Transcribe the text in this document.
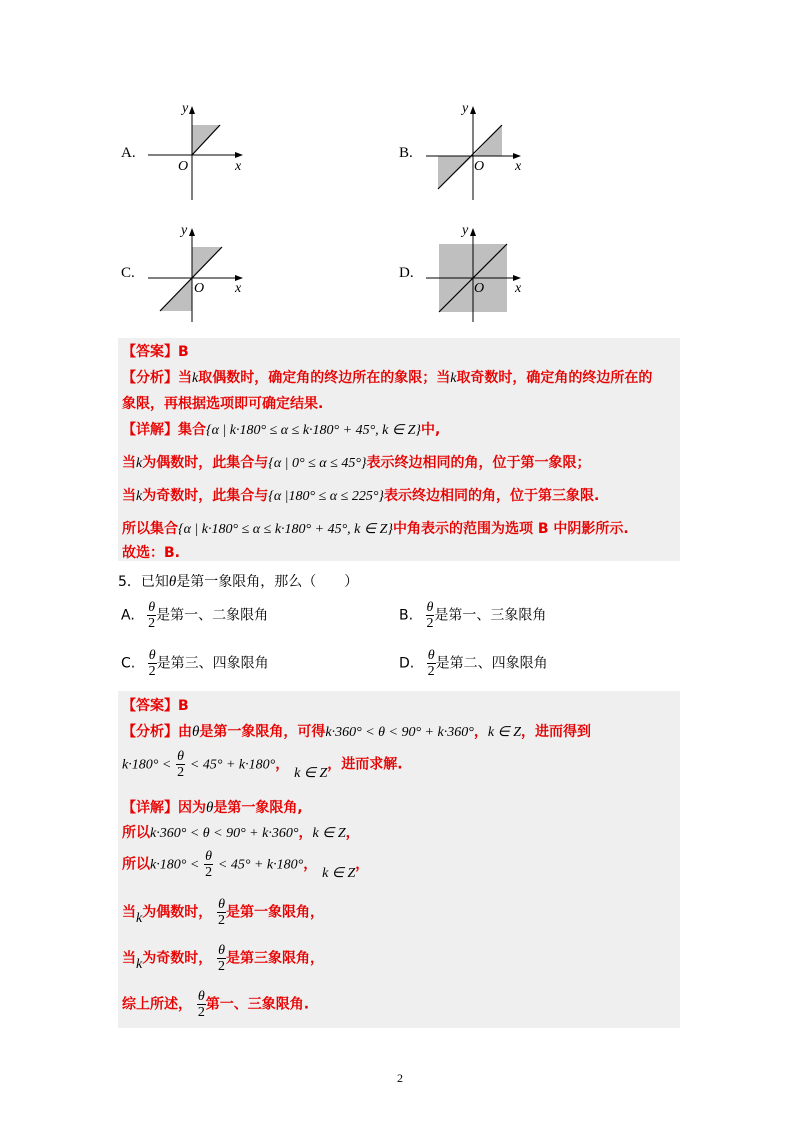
A.
y
x
O
B.
y
x
O
C.
y
x
O
D.
y
x
O
【答案】B
【分析】当k取偶数时，确定角的终边所在的象限；当k取奇数时，确定角的终边所在的
象限，再根据选项即可确定结果.
【详解】集合{α | k·180° ≤ α ≤ k·180° + 45°, k ∈ Z}中,
当k为偶数时，此集合与{α | 0° ≤ α ≤ 45°}表示终边相同的角，位于第一象限；
当k为奇数时，此集合与{α |180° ≤ α ≤ 225°}表示终边相同的角，位于第三象限.
所以集合{α | k·180° ≤ α ≤ k·180° + 45°, k ∈ Z}中角表示的范围为选项 B 中阴影所示.
故选：B.
5．已知θ是第一象限角，那么（　　）
A. $\frac{\theta}{2}$ 是第一、二象限角	B. $\frac{\theta}{2}$ 是第一、三象限角
C. $\frac{\theta}{2}$ 是第三、四象限角	D. $\frac{\theta}{2}$ 是第二、四象限角
【答案】B
【分析】由θ是第一象限角，可得k·360° < θ < 90° + k·360°，k ∈ Z，进而得到
$k\cdot 180^\circ < \frac{\theta}{2} < 45^\circ + k\cdot 180^\circ$， k ∈ Z，进而求解.
【详解】因为θ是第一象限角,
所以k·360° < θ < 90° + k·360°，k ∈ Z，
所以$k\cdot 180^\circ < \frac{\theta}{2} < 45^\circ + k\cdot 180^\circ$， k ∈ Z，
当k为偶数时， $\frac{\theta}{2}$ 是第一象限角，
当k为奇数时， $\frac{\theta}{2}$ 是第三象限角，
综上所述， $\frac{\theta}{2}$ 第一、三象限角.
2
